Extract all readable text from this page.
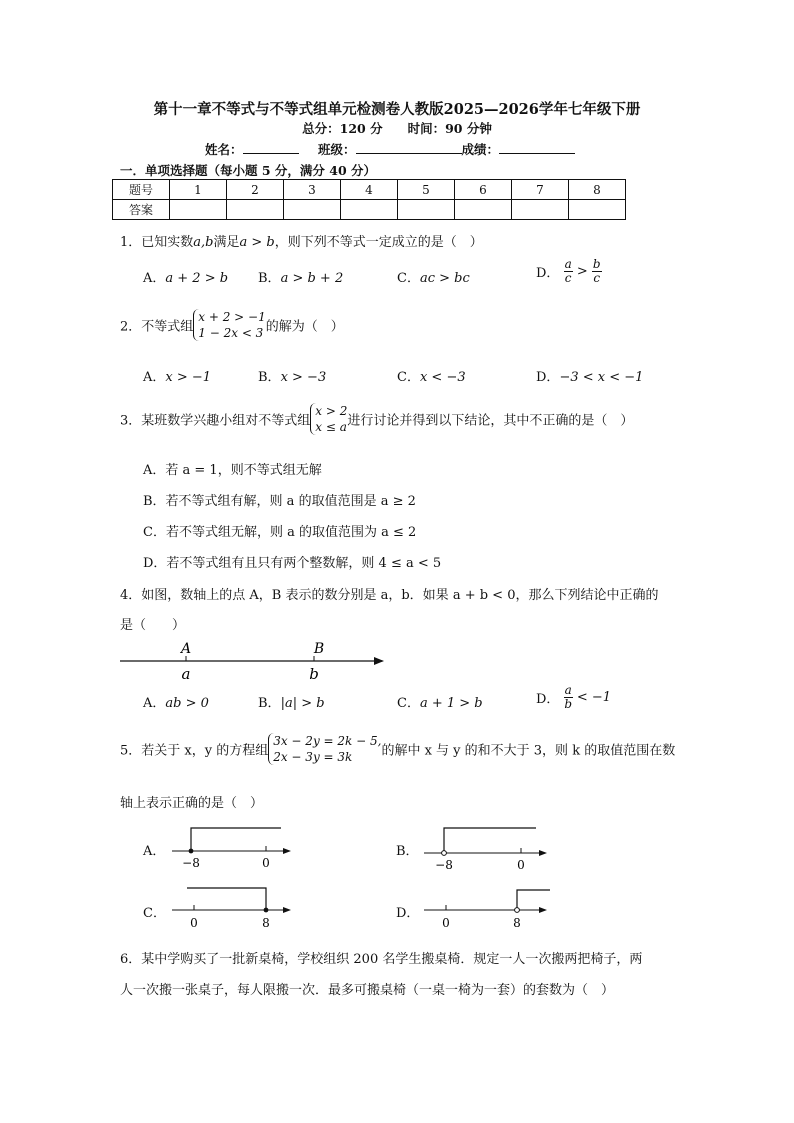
第十一章不等式与不等式组单元检测卷人教版2025—2026学年七年级下册
总分：120 分　　时间：90 分钟
姓名：	班级：	成绩：
一．单项选择题（每小题 5 分，满分 40 分）
题号	1	2	3	4	5	6	7	8
答案								
1．已知实数a,b满足a > b，则下列不等式一定成立的是（　）
A．a + 2 > b B．a > b + 2	C．ac > bc	D． $\frac{a}{c} > \frac{b}{c}$
2．不等式组x + 2 > −1
1 − 2x < 3 的解为（　）
A．x > −1	B．x > −3	C．x < −3	D．−3 < x < −1
3．某班数学兴趣小组对不等式组x > 2
x ≤ a进行讨论并得到以下结论，其中不正确的是（　）
A．若 a = 1，则不等式组无解
B．若不等式组有解，则 a 的取值范围是 a ≥ 2
C．若不等式组无解，则 a 的取值范围为 a ≤ 2
D．若不等式组有且只有两个整数解，则 4 ≤ a < 5
4．如图，数轴上的点 A，B 表示的数分别是 a，b．如果 a + b < 0，那么下列结论中正确的
是（　　）
A	B
a	b
A．ab > 0	B．|a| > b	C．a + 1 > b	D． $\frac{a}{b} < -1$
5．若关于 x，y 的方程组3x − 2y = 2k − 5,
2x − 3y = 3k 的解中 x 与 y 的和不大于 3，则 k 的取值范围在数
轴上表示正确的是（　）
A．	B．
C．	D．
−8	0	−8	0
0	8	0	8
6．某中学购买了一批新桌椅，学校组织 200 名学生搬桌椅．规定一人一次搬两把椅子，两
人一次搬一张桌子，每人限搬一次．最多可搬桌椅（一桌一椅为一套）的套数为（　）
